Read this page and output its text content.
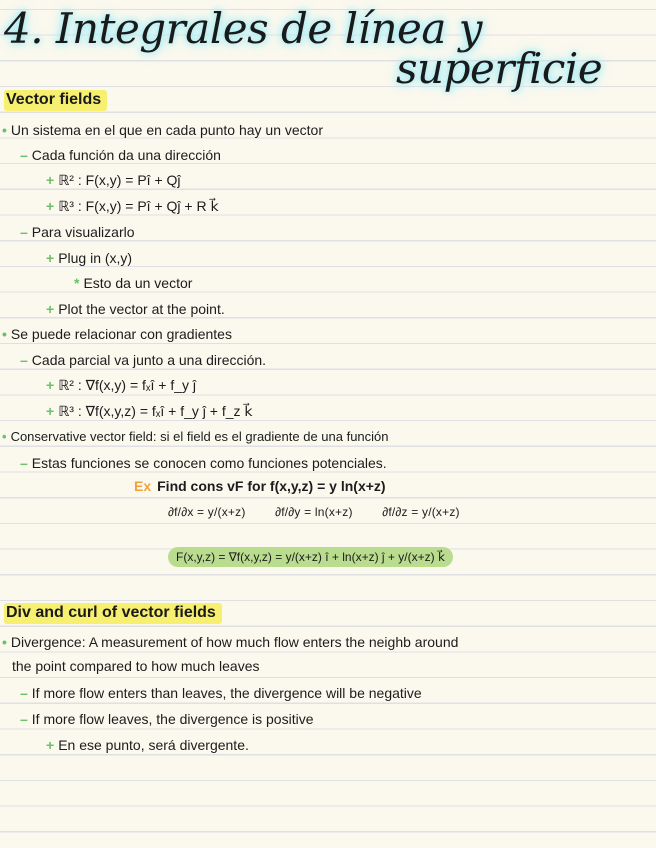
4. Integrales de línea y
superficie
Vector fields
• Un sistema en el que en cada punto hay un vector
– Cada función da una dirección
+ ℝ² : F(x,y) = Pî + Qĵ
+ ℝ³ : F(x,y) = Pî + Qĵ + R k⃗
– Para visualizarlo
+ Plug in (x,y)
* Esto da un vector
+ Plot the vector at the point.
• Se puede relacionar con gradientes
– Cada parcial va junto a una dirección.
+ ℝ² : ∇f(x,y) = fₓî + f_y ĵ
+ ℝ³ : ∇f(x,y,z) = fₓî + f_y ĵ + f_z k⃗
• Conservative vector field: si el field es el gradiente de una función
– Estas funciones se conocen como funciones potenciales.
Ex Find cons vF for f(x,y,z) = y ln(x+z)
∂f/∂x = y/(x+z) ∂f/∂y = ln(x+z) ∂f/∂z = y/(x+z)
F(x,y,z) = ∇f(x,y,z) = y/(x+z) î + ln(x+z) ĵ + y/(x+z) k⃗
Div and curl of vector fields
• Divergence: A measurement of how much flow enters the neighb around
the point compared to how much leaves
– If more flow enters than leaves, the divergence will be negative
– If more flow leaves, the divergence is positive
+ En ese punto, será divergente.
